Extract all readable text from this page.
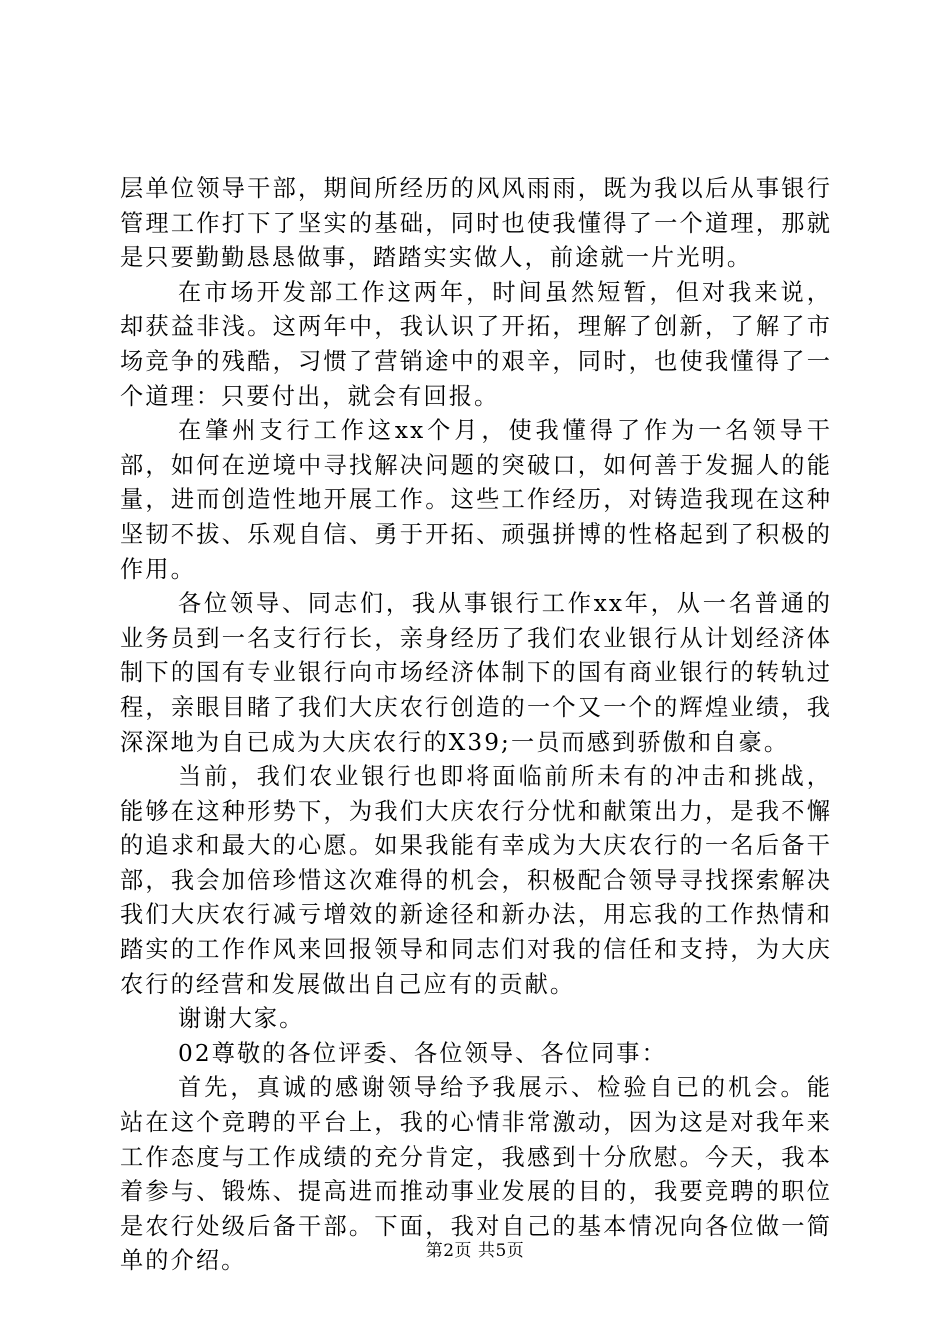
层单位领导干部，期间所经历的风风雨雨，既为我以后从事银行管理工作打下了坚实的基础，同时也使我懂得了一个道理，那就是只要勤勤恳恳做事，踏踏实实做人，前途就一片光明。

在市场开发部工作这两年，时间虽然短暂，但对我来说，却获益非浅。这两年中，我认识了开拓，理解了创新，了解了市场竞争的残酷，习惯了营销途中的艰辛，同时，也使我懂得了一个道理：只要付出，就会有回报。

在肇州支行工作这xx个月，使我懂得了作为一名领导干部，如何在逆境中寻找解决问题的突破口，如何善于发掘人的能量，进而创造性地开展工作。这些工作经历，对铸造我现在这种坚韧不拔、乐观自信、勇于开拓、顽强拼博的性格起到了积极的作用。

各位领导、同志们，我从事银行工作xx年，从一名普通的业务员到一名支行行长，亲身经历了我们农业银行从计划经济体制下的国有专业银行向市场经济体制下的国有商业银行的转轨过程，亲眼目睹了我们大庆农行创造的一个又一个的辉煌业绩，我深深地为自已成为大庆农行的X39;一员而感到骄傲和自豪。

当前，我们农业银行也即将面临前所未有的冲击和挑战，能够在这种形势下，为我们大庆农行分忧和献策出力，是我不懈的追求和最大的心愿。如果我能有幸成为大庆农行的一名后备干部，我会加倍珍惜这次难得的机会，积极配合领导寻找探索解决我们大庆农行减亏增效的新途径和新办法，用忘我的工作热情和踏实的工作作风来回报领导和同志们对我的信任和支持，为大庆农行的经营和发展做出自己应有的贡献。

谢谢大家。

02尊敬的各位评委、各位领导、各位同事：

首先，真诚的感谢领导给予我展示、检验自已的机会。能站在这个竞聘的平台上，我的心情非常激动，因为这是对我年来工作态度与工作成绩的充分肯定，我感到十分欣慰。今天，我本着参与、锻炼、提高进而推动事业发展的目的，我要竞聘的职位是农行处级后备干部。下面，我对自己的基本情况向各位做一简单的介绍。	第2页 共5页
